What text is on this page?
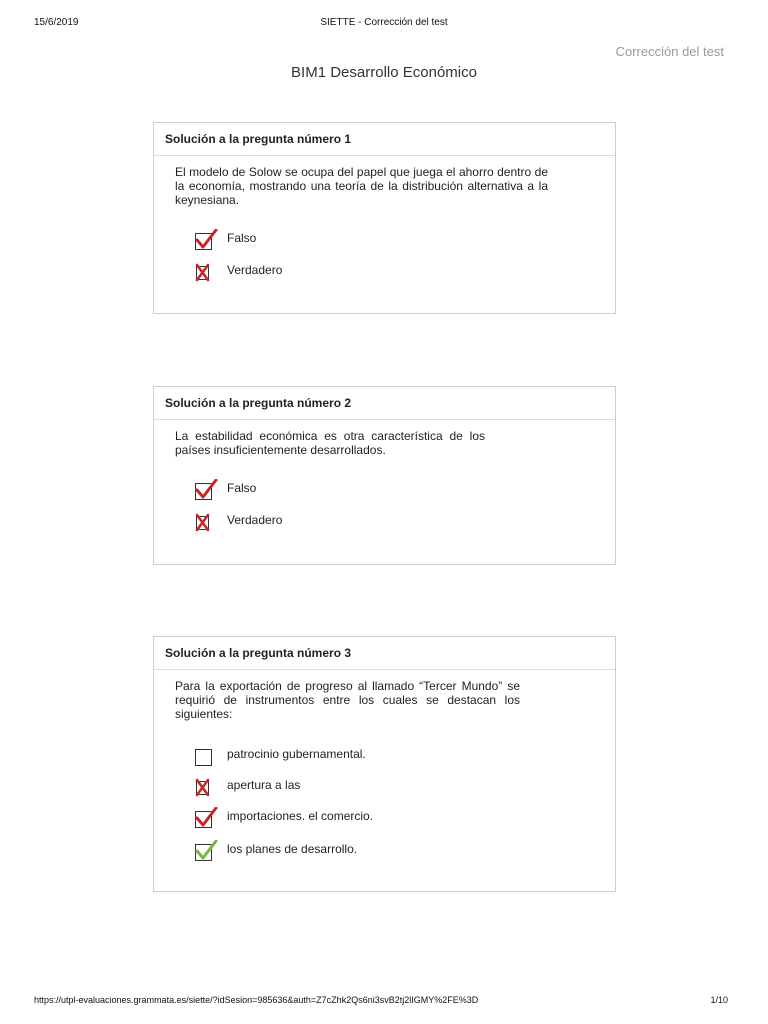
15/6/2019	SIETTE - Corrección del test
Corrección del test
BIM1 Desarrollo Económico
Solución a la pregunta número 1
El modelo de Solow se ocupa del papel que juega el ahorro dentro de la economía, mostrando una teoría de la distribución alternativa a la keynesiana.
Falso
Verdadero
Solución a la pregunta número 2
La estabilidad económica es otra característica de los países insuficientemente desarrollados.
Falso
Verdadero
Solución a la pregunta número 3
Para la exportación de progreso al llamado “Tercer Mundo” se requirió de instrumentos entre los cuales se destacan los siguientes:
patrocinio gubernamental.
apertura a las
importaciones. el comercio.
los planes de desarrollo.
https://utpl-evaluaciones.grammata.es/siette/?idSesion=985636&auth=Z7cZhk2Qs6ni3svB2tj2lIGMY%2FE%3D	1/10
